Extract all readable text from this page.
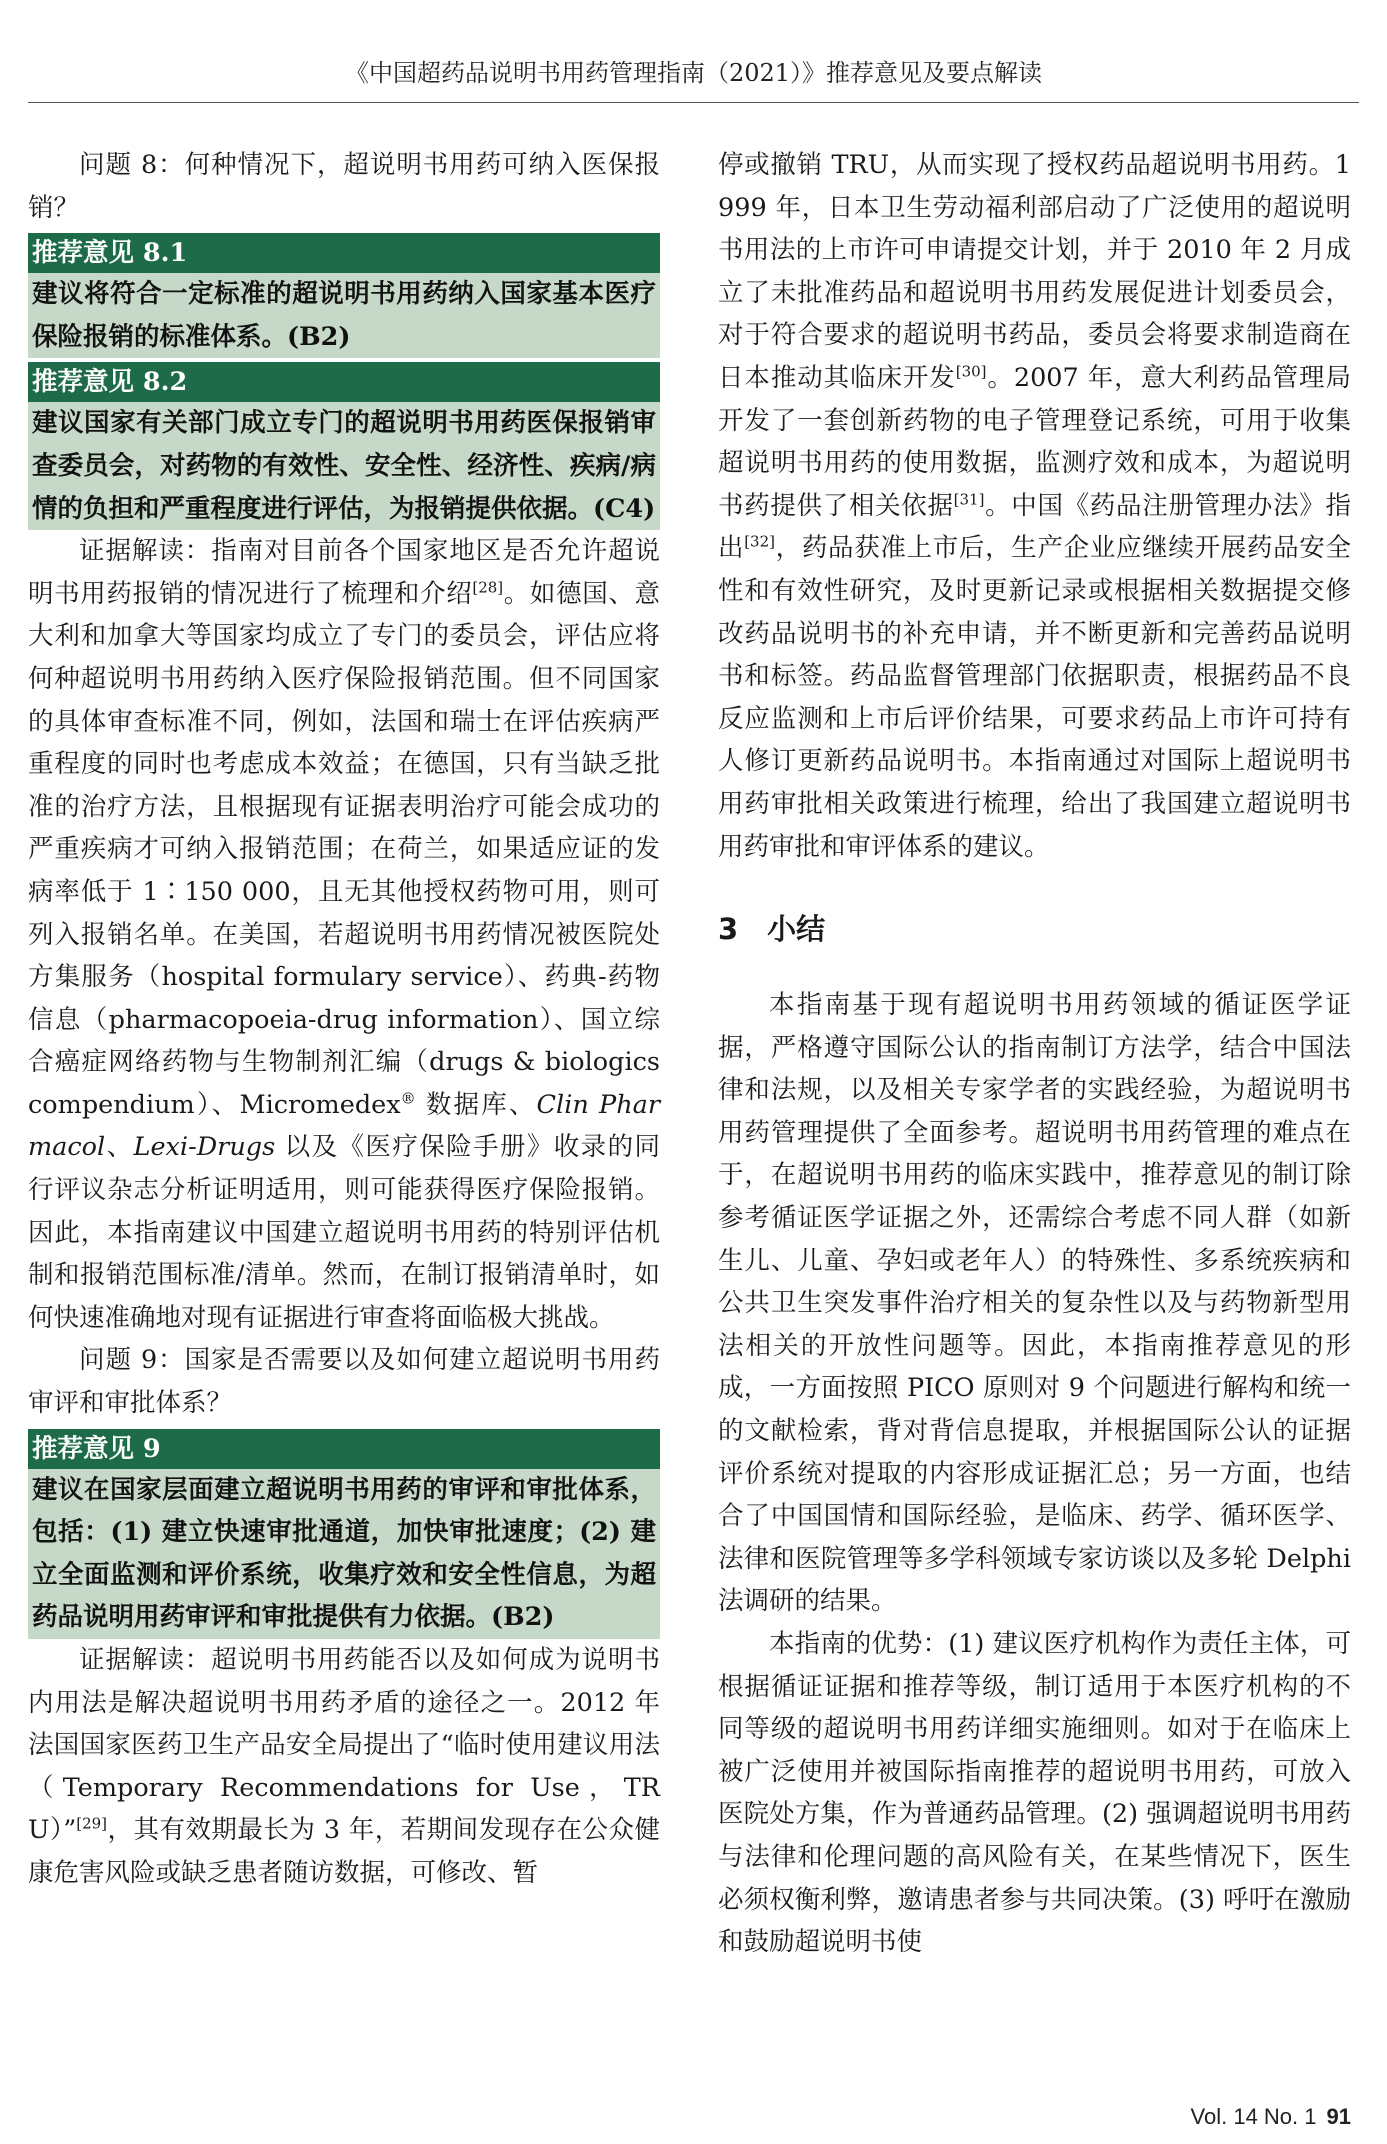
《中国超药品说明书用药管理指南（2021）》推荐意见及要点解读

问题 8：何种情况下，超说明书用药可纳入医保报销？

推荐意见 8.1
建议将符合一定标准的超说明书用药纳入国家基本医疗保险报销的标准体系。(B2)
推荐意见 8.2
建议国家有关部门成立专门的超说明书用药医保报销审查委员会，对药物的有效性、安全性、经济性、疾病/病情的负担和严重程度进行评估，为报销提供依据。(C4)

证据解读：指南对目前各个国家地区是否允许超说明书用药报销的情况进行了梳理和介绍[28]。如德国、意大利和加拿大等国家均成立了专门的委员会，评估应将何种超说明书用药纳入医疗保险报销范围。但不同国家的具体审查标准不同，例如，法国和瑞士在评估疾病严重程度的同时也考虑成本效益；在德国，只有当缺乏批准的治疗方法，且根据现有证据表明治疗可能会成功的严重疾病才可纳入报销范围；在荷兰，如果适应证的发病率低于 1∶150 000，且无其他授权药物可用，则可列入报销名单。在美国，若超说明书用药情况被医院处方集服务（hospital formulary service）、药典-药物信息（pharmacopoeia-drug information）、国立综合癌症网络药物与生物制剂汇编（drugs & biologics compendium）、Micromedex® 数据库、Clin Pharmacol、Lexi-Drugs 以及《医疗保险手册》收录的同行评议杂志分析证明适用，则可能获得医疗保险报销。因此，本指南建议中国建立超说明书用药的特别评估机制和报销范围标准/清单。然而，在制订报销清单时，如何快速准确地对现有证据进行审查将面临极大挑战。

问题 9：国家是否需要以及如何建立超说明书用药审评和审批体系？

推荐意见 9
建议在国家层面建立超说明书用药的审评和审批体系，包括：(1) 建立快速审批通道，加快审批速度；(2) 建立全面监测和评价系统，收集疗效和安全性信息，为超药品说明用药审评和审批提供有力依据。(B2)

证据解读：超说明书用药能否以及如何成为说明书内用法是解决超说明书用药矛盾的途径之一。2012 年法国国家医药卫生产品安全局提出了“临时使用建议用法（Temporary Recommendations for Use，TRU）”[29]，其有效期最长为 3 年，若期间发现存在公众健康危害风险或缺乏患者随访数据，可修改、暂

停或撤销 TRU，从而实现了授权药品超说明书用药。1999 年，日本卫生劳动福利部启动了广泛使用的超说明书用法的上市许可申请提交计划，并于 2010 年 2 月成立了未批准药品和超说明书用药发展促进计划委员会，对于符合要求的超说明书药品，委员会将要求制造商在日本推动其临床开发[30]。2007 年，意大利药品管理局开发了一套创新药物的电子管理登记系统，可用于收集超说明书用药的使用数据，监测疗效和成本，为超说明书药提供了相关依据[31]。中国《药品注册管理办法》指出[32]，药品获准上市后，生产企业应继续开展药品安全性和有效性研究，及时更新记录或根据相关数据提交修改药品说明书的补充申请，并不断更新和完善药品说明书和标签。药品监督管理部门依据职责，根据药品不良反应监测和上市后评价结果，可要求药品上市许可持有人修订更新药品说明书。本指南通过对国际上超说明书用药审批相关政策进行梳理，给出了我国建立超说明书用药审批和审评体系的建议。

3　小结

本指南基于现有超说明书用药领域的循证医学证据，严格遵守国际公认的指南制订方法学，结合中国法律和法规，以及相关专家学者的实践经验，为超说明书用药管理提供了全面参考。超说明书用药管理的难点在于，在超说明书用药的临床实践中，推荐意见的制订除参考循证医学证据之外，还需综合考虑不同人群（如新生儿、儿童、孕妇或老年人）的特殊性、多系统疾病和公共卫生突发事件治疗相关的复杂性以及与药物新型用法相关的开放性问题等。因此，本指南推荐意见的形成，一方面按照 PICO 原则对 9 个问题进行解构和统一的文献检索，背对背信息提取，并根据国际公认的证据评价系统对提取的内容形成证据汇总；另一方面，也结合了中国国情和国际经验，是临床、药学、循环医学、法律和医院管理等多学科领域专家访谈以及多轮 Delphi 法调研的结果。

本指南的优势：(1) 建议医疗机构作为责任主体，可根据循证证据和推荐等级，制订适用于本医疗机构的不同等级的超说明书用药详细实施细则。如对于在临床上被广泛使用并被国际指南推荐的超说明书用药，可放入医院处方集，作为普通药品管理。(2) 强调超说明书用药与法律和伦理问题的高风险有关，在某些情况下，医生必须权衡利弊，邀请患者参与共同决策。(3) 呼吁在激励和鼓励超说明书使

Vol. 14 No. 1 91
